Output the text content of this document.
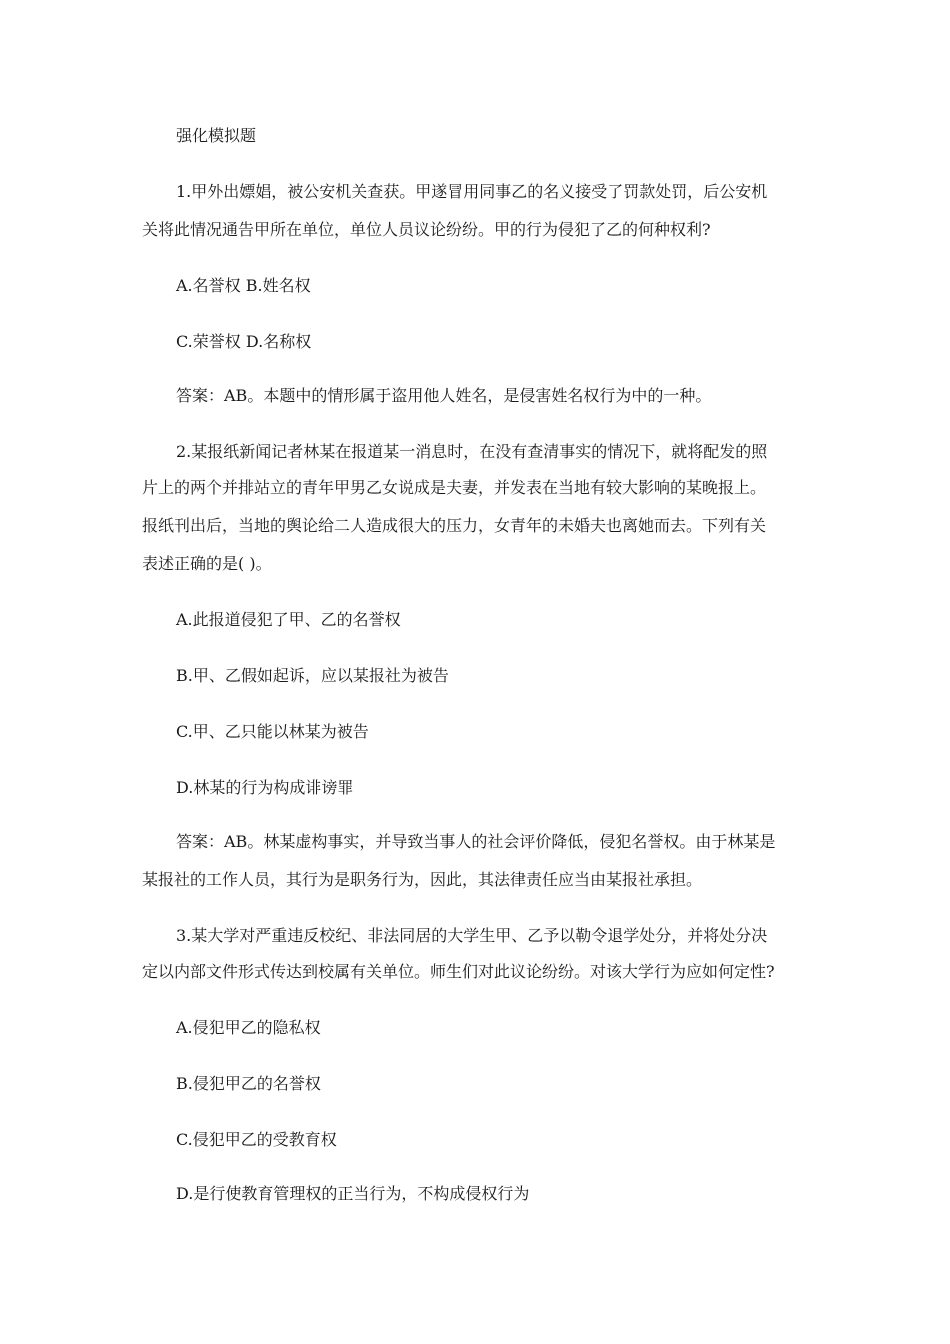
强化模拟题

1.甲外出嫖娼，被公安机关查获。甲遂冒用同事乙的名义接受了罚款处罚，后公安机

关将此情况通告甲所在单位，单位人员议论纷纷。甲的行为侵犯了乙的何种权利?

A.名誉权 B.姓名权

C.荣誉权 D.名称权

答案：AB。本题中的情形属于盗用他人姓名，是侵害姓名权行为中的一种。

2.某报纸新闻记者林某在报道某一消息时，在没有查清事实的情况下，就将配发的照

片上的两个并排站立的青年甲男乙女说成是夫妻，并发表在当地有较大影响的某晚报上。

报纸刊出后，当地的舆论给二人造成很大的压力，女青年的未婚夫也离她而去。下列有关

表述正确的是( )。

A.此报道侵犯了甲、乙的名誉权

B.甲、乙假如起诉，应以某报社为被告

C.甲、乙只能以林某为被告

D.林某的行为构成诽谤罪

答案：AB。林某虚构事实，并导致当事人的社会评价降低，侵犯名誉权。由于林某是

某报社的工作人员，其行为是职务行为，因此，其法律责任应当由某报社承担。

3.某大学对严重违反校纪、非法同居的大学生甲、乙予以勒令退学处分，并将处分决

定以内部文件形式传达到校属有关单位。师生们对此议论纷纷。对该大学行为应如何定性?

A.侵犯甲乙的隐私权

B.侵犯甲乙的名誉权

C.侵犯甲乙的受教育权

D.是行使教育管理权的正当行为，不构成侵权行为
